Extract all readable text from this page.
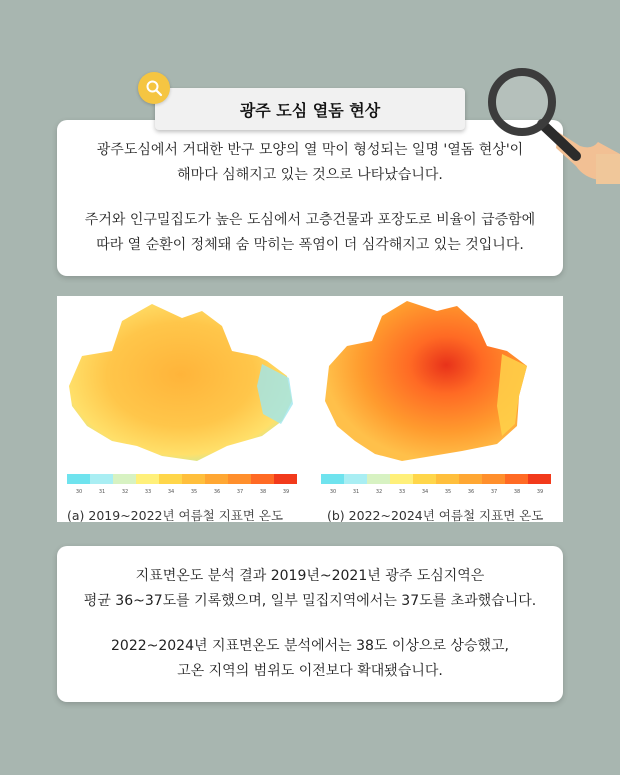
광주 도심 열돔 현상
광주도심에서 거대한 반구 모양의 열 막이 형성되는 일명 '열돔 현상'이
해마다 심해지고 있는 것으로 나타났습니다.
주거와 인구밀집도가 높은 도심에서 고층건물과 포장도로 비율이 급증함에
따라 열 순환이 정체돼 숨 막히는 폭염이 더 심각해지고 있는 것입니다.
30	31	32	33	34	35	36	37	38	39	30	31	32	33	34	35	36	37	38	39
(a) 2019~2022년 여름철 지표면 온도	(b) 2022~2024년 여름철 지표면 온도
지표면온도 분석 결과 2019년~2021년 광주 도심지역은
평균 36~37도를 기록했으며, 일부 밀집지역에서는 37도를 초과했습니다.
2022~2024년 지표면온도 분석에서는 38도 이상으로 상승했고,
고온 지역의 범위도 이전보다 확대됐습니다.
